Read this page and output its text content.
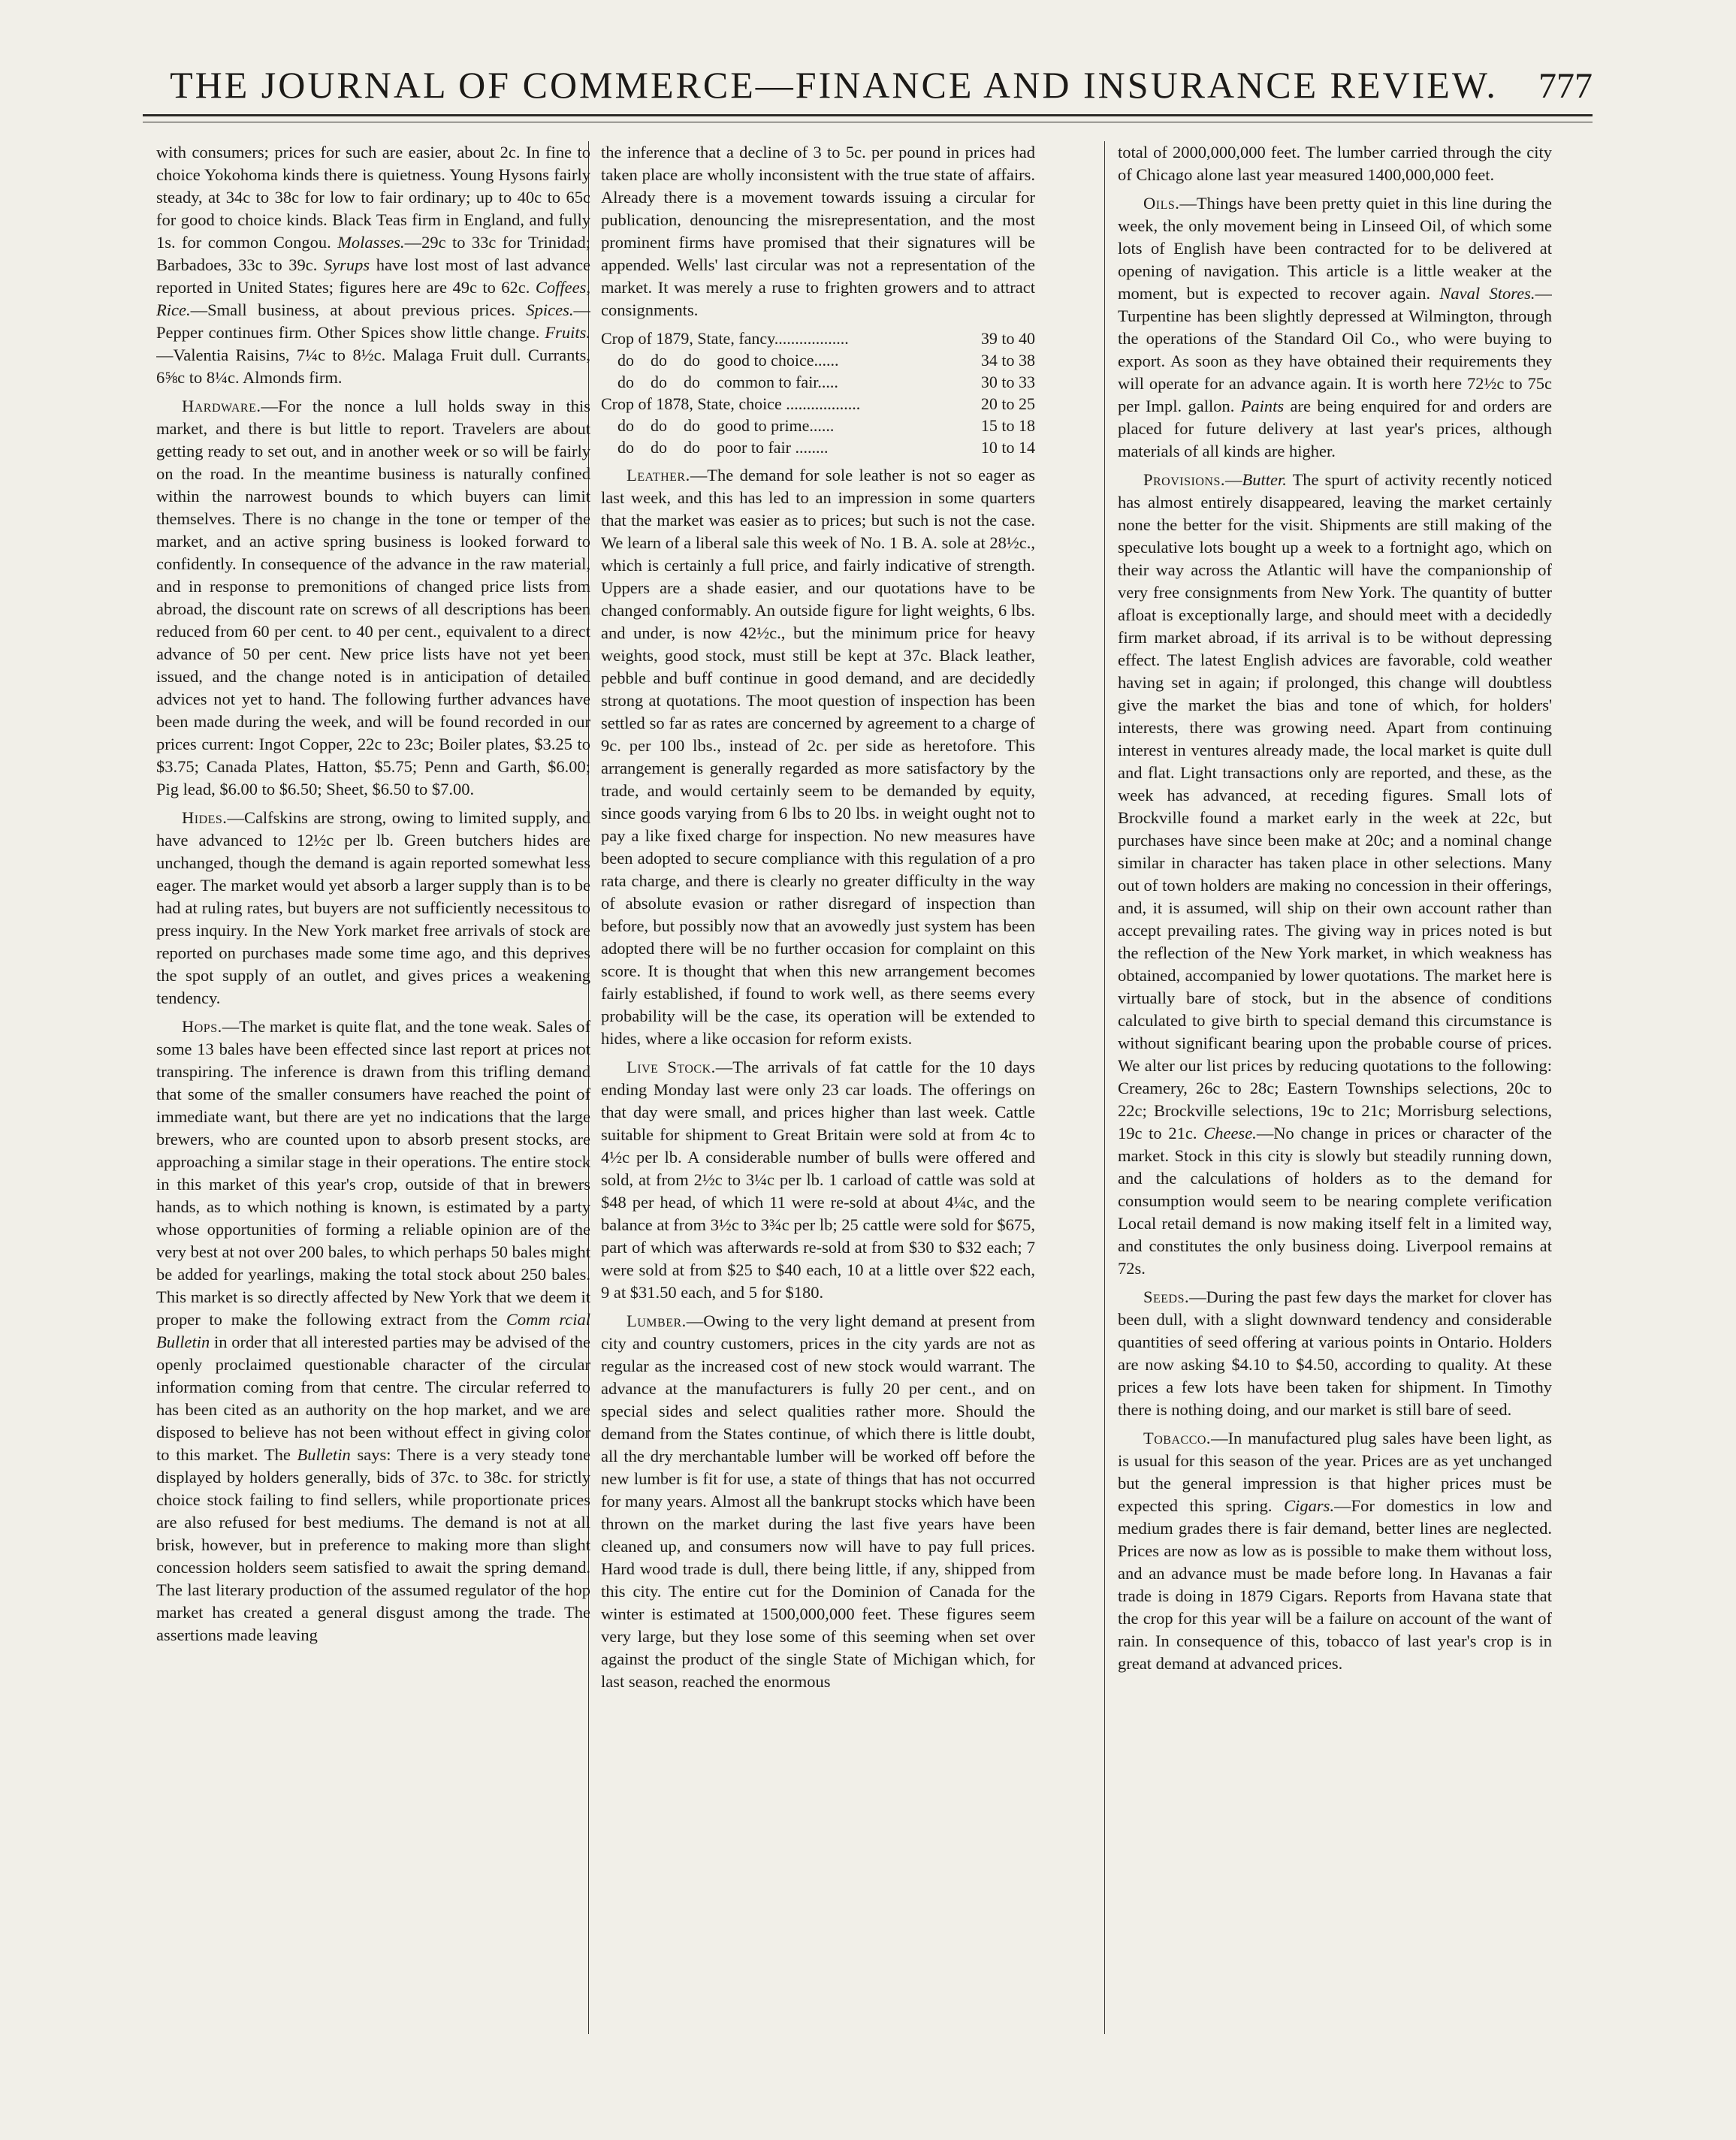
THE JOURNAL OF COMMERCE—FINANCE AND INSURANCE REVIEW.	777

with consumers; prices for such are easier, about 2c. In fine to choice Yokohoma kinds there is quietness. Young Hysons fairly steady, at 34c to 38c for low to fair ordinary; up to 40c to 65c for good to choice kinds. Black Teas firm in England, and fully 1s. for common Congou. Molasses.—29c to 33c for Trinidad; Barbadoes, 33c to 39c. Syrups have lost most of last advance reported in United States; figures here are 49c to 62c. Coffees, Rice.—Small business, at about previous prices. Spices.—Pepper continues firm. Other Spices show little change. Fruits.—Valentia Raisins, 7¼c to 8½c. Malaga Fruit dull. Currants, 6⅝c to 8¼c. Almonds firm.

Hardware.—For the nonce a lull holds sway in this market, and there is but little to report. Travelers are about getting ready to set out, and in another week or so will be fairly on the road. In the meantime business is naturally confined within the narrowest bounds to which buyers can limit themselves. There is no change in the tone or temper of the market, and an active spring business is looked forward to confidently. In consequence of the advance in the raw material, and in response to premonitions of changed price lists from abroad, the discount rate on screws of all descriptions has been reduced from 60 per cent. to 40 per cent., equivalent to a direct advance of 50 per cent. New price lists have not yet been issued, and the change noted is in anticipation of detailed advices not yet to hand. The following further advances have been made during the week, and will be found recorded in our prices current: Ingot Copper, 22c to 23c; Boiler plates, $3.25 to $3.75; Canada Plates, Hatton, $5.75; Penn and Garth, $6.00; Pig lead, $6.00 to $6.50; Sheet, $6.50 to $7.00.

Hides.—Calfskins are strong, owing to limited supply, and have advanced to 12½c per lb. Green butchers hides are unchanged, though the demand is again reported somewhat less eager. The market would yet absorb a larger supply than is to be had at ruling rates, but buyers are not sufficiently necessitous to press inquiry. In the New York market free arrivals of stock are reported on purchases made some time ago, and this deprives the spot supply of an outlet, and gives prices a weakening tendency.

Hops.—The market is quite flat, and the tone weak. Sales of some 13 bales have been effected since last report at prices not transpiring. The inference is drawn from this trifling demand that some of the smaller consumers have reached the point of immediate want, but there are yet no indications that the large brewers, who are counted upon to absorb present stocks, are approaching a similar stage in their operations. The entire stock in this market of this year's crop, outside of that in brewers hands, as to which nothing is known, is estimated by a party whose opportunities of forming a reliable opinion are of the very best at not over 200 bales, to which perhaps 50 bales might be added for yearlings, making the total stock about 250 bales. This market is so directly affected by New York that we deem it proper to make the following extract from the Comm rcial Bulletin in order that all interested parties may be advised of the openly proclaimed questionable character of the circular information coming from that centre. The circular referred to has been cited as an authority on the hop market, and we are disposed to believe has not been without effect in giving color to this market. The Bulletin says: There is a very steady tone displayed by holders generally, bids of 37c. to 38c. for strictly choice stock failing to find sellers, while proportionate prices are also refused for best mediums. The demand is not at all brisk, however, but in preference to making more than slight concession holders seem satisfied to await the spring demand. The last literary production of the assumed regulator of the hop market has created a general disgust among the trade. The assertions made leaving

the inference that a decline of 3 to 5c. per pound in prices had taken place are wholly inconsistent with the true state of affairs. Already there is a movement towards issuing a circular for publication, denouncing the misrepresentation, and the most prominent firms have promised that their signatures will be appended. Wells' last circular was not a representation of the market. It was merely a ruse to frighten growers and to attract consignments.

Crop of 1879, State, fancy..................	39 to 40
do    do    do    good to choice......	34 to 38
do    do    do    common to fair.....	30 to 33
Crop of 1878, State, choice ..................	20 to 25
do    do    do    good to prime......	15 to 18
do    do    do    poor to fair ........	10 to 14

Leather.—The demand for sole leather is not so eager as last week, and this has led to an impression in some quarters that the market was easier as to prices; but such is not the case. We learn of a liberal sale this week of No. 1 B. A. sole at 28½c., which is certainly a full price, and fairly indicative of strength. Uppers are a shade easier, and our quotations have to be changed conformably. An outside figure for light weights, 6 lbs. and under, is now 42½c., but the minimum price for heavy weights, good stock, must still be kept at 37c. Black leather, pebble and buff continue in good demand, and are decidedly strong at quotations. The moot question of inspection has been settled so far as rates are concerned by agreement to a charge of 9c. per 100 lbs., instead of 2c. per side as heretofore. This arrangement is generally regarded as more satisfactory by the trade, and would certainly seem to be demanded by equity, since goods varying from 6 lbs to 20 lbs. in weight ought not to pay a like fixed charge for inspection. No new measures have been adopted to secure compliance with this regulation of a pro rata charge, and there is clearly no greater difficulty in the way of absolute evasion or rather disregard of inspection than before, but possibly now that an avowedly just system has been adopted there will be no further occasion for complaint on this score. It is thought that when this new arrangement becomes fairly established, if found to work well, as there seems every probability will be the case, its operation will be extended to hides, where a like occasion for reform exists.

Live Stock.—The arrivals of fat cattle for the 10 days ending Monday last were only 23 car loads. The offerings on that day were small, and prices higher than last week. Cattle suitable for shipment to Great Britain were sold at from 4c to 4½c per lb. A considerable number of bulls were offered and sold, at from 2½c to 3¼c per lb. 1 carload of cattle was sold at $48 per head, of which 11 were re-sold at about 4¼c, and the balance at from 3½c to 3¾c per lb; 25 cattle were sold for $675, part of which was afterwards re-sold at from $30 to $32 each; 7 were sold at from $25 to $40 each, 10 at a little over $22 each, 9 at $31.50 each, and 5 for $180.

Lumber.—Owing to the very light demand at present from city and country customers, prices in the city yards are not as regular as the increased cost of new stock would warrant. The advance at the manufacturers is fully 20 per cent., and on special sides and select qualities rather more. Should the demand from the States continue, of which there is little doubt, all the dry merchantable lumber will be worked off before the new lumber is fit for use, a state of things that has not occurred for many years. Almost all the bankrupt stocks which have been thrown on the market during the last five years have been cleaned up, and consumers now will have to pay full prices. Hard wood trade is dull, there being little, if any, shipped from this city. The entire cut for the Dominion of Canada for the winter is estimated at 1500,000,000 feet. These figures seem very large, but they lose some of this seeming when set over against the product of the single State of Michigan which, for last season, reached the enormous

total of 2000,000,000 feet. The lumber carried through the city of Chicago alone last year measured 1400,000,000 feet.

Oils.—Things have been pretty quiet in this line during the week, the only movement being in Linseed Oil, of which some lots of English have been contracted for to be delivered at opening of navigation. This article is a little weaker at the moment, but is expected to recover again. Naval Stores.—Turpentine has been slightly depressed at Wilmington, through the operations of the Standard Oil Co., who were buying to export. As soon as they have obtained their requirements they will operate for an advance again. It is worth here 72½c to 75c per Impl. gallon. Paints are being enquired for and orders are placed for future delivery at last year's prices, although materials of all kinds are higher.

Provisions.—Butter. The spurt of activity recently noticed has almost entirely disappeared, leaving the market certainly none the better for the visit. Shipments are still making of the speculative lots bought up a week to a fortnight ago, which on their way across the Atlantic will have the companionship of very free consignments from New York. The quantity of butter afloat is exceptionally large, and should meet with a decidedly firm market abroad, if its arrival is to be without depressing effect. The latest English advices are favorable, cold weather having set in again; if prolonged, this change will doubtless give the market the bias and tone of which, for holders' interests, there was growing need. Apart from continuing interest in ventures already made, the local market is quite dull and flat. Light transactions only are reported, and these, as the week has advanced, at receding figures. Small lots of Brockville found a market early in the week at 22c, but purchases have since been make at 20c; and a nominal change similar in character has taken place in other selections. Many out of town holders are making no concession in their offerings, and, it is assumed, will ship on their own account rather than accept prevailing rates. The giving way in prices noted is but the reflection of the New York market, in which weakness has obtained, accompanied by lower quotations. The market here is virtually bare of stock, but in the absence of conditions calculated to give birth to special demand this circumstance is without significant bearing upon the probable course of prices. We alter our list prices by reducing quotations to the following: Creamery, 26c to 28c; Eastern Townships selections, 20c to 22c; Brockville selections, 19c to 21c; Morrisburg selections, 19c to 21c. Cheese.—No change in prices or character of the market. Stock in this city is slowly but steadily running down, and the calculations of holders as to the demand for consumption would seem to be nearing complete verification Local retail demand is now making itself felt in a limited way, and constitutes the only business doing. Liverpool remains at 72s.

Seeds.—During the past few days the market for clover has been dull, with a slight downward tendency and considerable quantities of seed offering at various points in Ontario. Holders are now asking $4.10 to $4.50, according to quality. At these prices a few lots have been taken for shipment. In Timothy there is nothing doing, and our market is still bare of seed.

Tobacco.—In manufactured plug sales have been light, as is usual for this season of the year. Prices are as yet unchanged but the general impression is that higher prices must be expected this spring. Cigars.—For domestics in low and medium grades there is fair demand, better lines are neglected. Prices are now as low as is possible to make them without loss, and an advance must be made before long. In Havanas a fair trade is doing in 1879 Cigars. Reports from Havana state that the crop for this year will be a failure on account of the want of rain. In consequence of this, tobacco of last year's crop is in great demand at advanced prices.
